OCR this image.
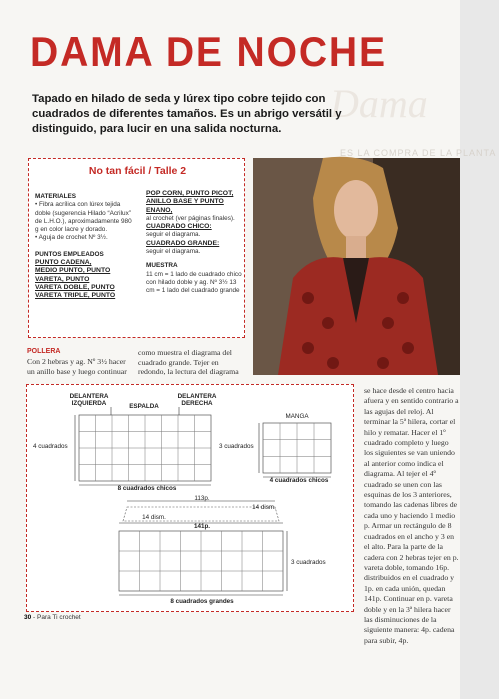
Dama
DAMA DE NOCHE
Tapado en hilado de seda y lúrex tipo cobre tejido con cuadrados de diferentes tamaños. Es un abrigo versátil y distinguido, para lucir en una salida nocturna.
No tan fácil / Talle 2
MATERIALES
• Fibra acrílica con lúrex tejida doble (sugerencia Hilado “Acrilux” de L.H.O.), aproximadamente 980 g en color lacre y dorado.
• Aguja de crochet Nº 3½.
PUNTOS EMPLEADOS
PUNTO CADENA,
MEDIO PUNTO, PUNTO
VARETA, PUNTO
VARETA DOBLE, PUNTO
VARETA TRIPLE, PUNTO
POP CORN, PUNTO PICOT, ANILLO BASE Y PUNTO ENANO,
al crochet (ver páginas finales).
CUADRADO CHICO:
seguir el diagrama.
CUADRADO GRANDE:
seguir el diagrama.
MUESTRA
11 cm = 1 lado de cuadrado chico con hilado doble y ag. Nº 3½ 13 cm = 1 lado del cuadrado grande
ES LA COMPRA DE LA PLANTA
POLLERA
Con 2 hebras y ag. Nº 3½ hacer un anillo base y luego continuar
como muestra el diagrama del cuadrado grande. Tejer en redondo, la lectura del diagrama
se hace desde el centro hacia afuera y en sentido contrario a las agujas del reloj. Al terminar la 5ª hilera, cortar el hilo y rematar. Hacer el 1º cuadrado completo y luego los siguientes se van uniendo al anterior como indica el diagrama. Al tejer el 4º cuadrado se unen con las esquinas de los 3 anteriores, tomando las cadenas libres de cada uno y haciendo 1 medio p. Armar un rectángulo de 8 cuadrados en el ancho y 3 en el alto. Para la parte de la cadera con 2 hebras tejer en p. vareta doble, tomando 16p. distribuidos en el cuadrado y 1p. en cada unión, quedan 141p. Continuar en p. vareta doble y en la 3ª hilera hacer las disminuciones de la siguiente manera: 4p. cadena para subir, 4p.
DELANTERA IZQUIERDA	ESPALDA
DELANTERA DERECHA
4 cuadrados
8 cuadrados chicos
MANGA
3 cuadrados
4 cuadrados chicos
113p.
14 dism.
14 dism.
141p.
3 cuadrados
8 cuadrados grandes
30 - Para Ti crochet
